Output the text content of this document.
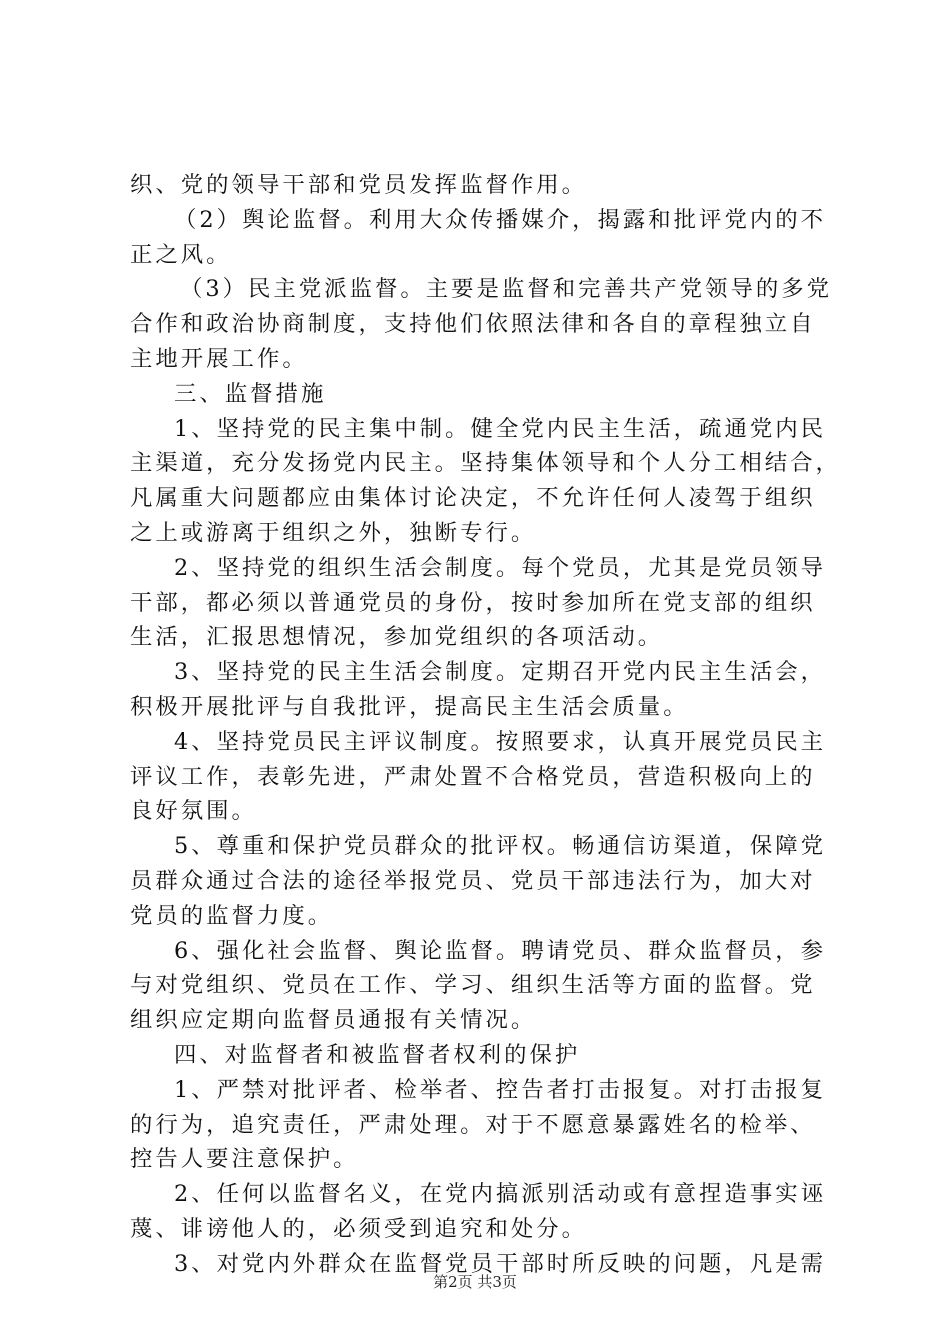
织、党的领导干部和党员发挥监督作用。
（2）舆论监督。利用大众传播媒介，揭露和批评党内的不
正之风。
（3）民主党派监督。主要是监督和完善共产党领导的多党
合作和政治协商制度，支持他们依照法律和各自的章程独立自
主地开展工作。
三、监督措施
1、坚持党的民主集中制。健全党内民主生活，疏通党内民
主渠道，充分发扬党内民主。坚持集体领导和个人分工相结合，
凡属重大问题都应由集体讨论决定，不允许任何人凌驾于组织
之上或游离于组织之外，独断专行。
2、坚持党的组织生活会制度。每个党员，尤其是党员领导
干部，都必须以普通党员的身份，按时参加所在党支部的组织
生活，汇报思想情况，参加党组织的各项活动。
3、坚持党的民主生活会制度。定期召开党内民主生活会，
积极开展批评与自我批评，提高民主生活会质量。
4、坚持党员民主评议制度。按照要求，认真开展党员民主
评议工作，表彰先进，严肃处置不合格党员，营造积极向上的
良好氛围。
5、尊重和保护党员群众的批评权。畅通信访渠道，保障党
员群众通过合法的途径举报党员、党员干部违法行为，加大对
党员的监督力度。
6、强化社会监督、舆论监督。聘请党员、群众监督员，参
与对党组织、党员在工作、学习、组织生活等方面的监督。党
组织应定期向监督员通报有关情况。
四、对监督者和被监督者权利的保护
1、严禁对批评者、检举者、控告者打击报复。对打击报复
的行为，追究责任，严肃处理。对于不愿意暴露姓名的检举、
控告人要注意保护。
2、任何以监督名义，在党内搞派别活动或有意捏造事实诬
蔑、诽谤他人的，必须受到追究和处分。
3、对党内外群众在监督党员干部时所反映的问题，凡是需
第2页 共3页
